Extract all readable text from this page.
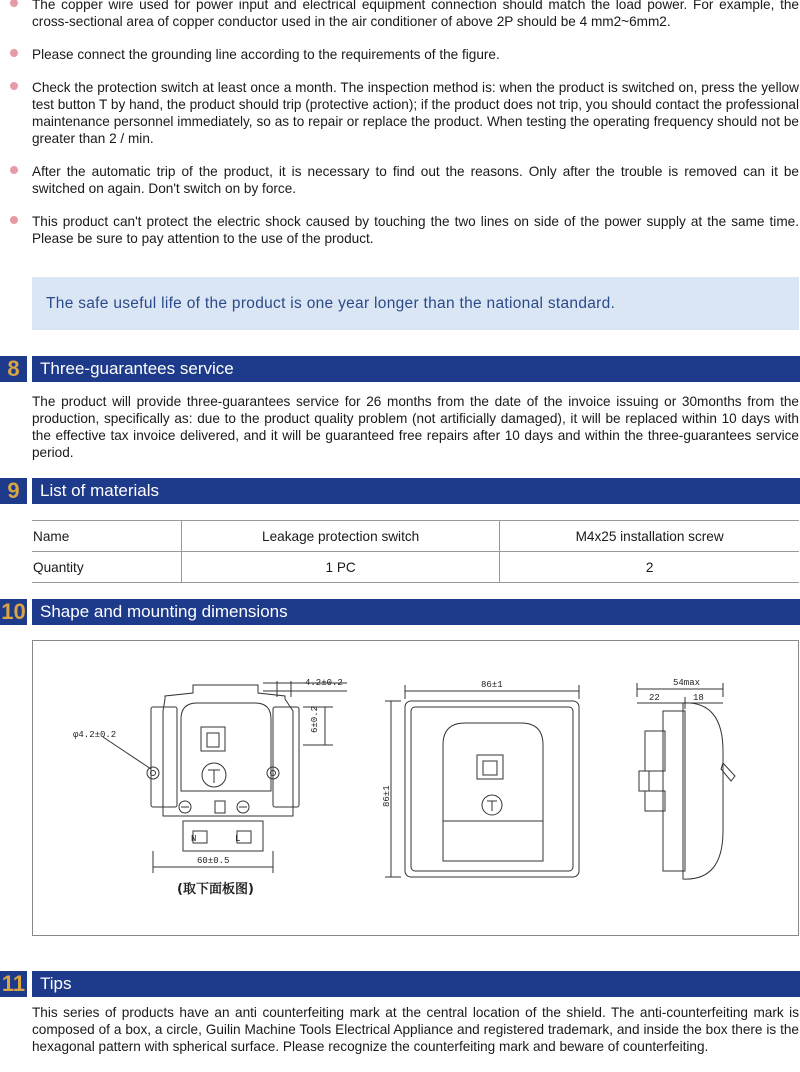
The copper wire used for power input and electrical equipment connection should match the load power. For example, the cross-sectional area of copper conductor used in the air conditioner of above 2P should be 4 mm2~6mm2.
Please connect the grounding line according to the requirements of the figure.
Check the protection switch at least once a month. The inspection method is: when the product is switched on, press the yellow test button T by hand, the product should trip (protective action); if the product does not trip, you should contact the professional maintenance personnel immediately, so as to repair or replace the product. When testing the operating frequency should not be greater than 2 / min.
After the automatic trip of the product, it is necessary to find out the reasons. Only after the trouble is removed can it be switched on again. Don't switch on by force.
This product can't protect the electric shock caused by touching the two lines on side of the power supply at the same time. Please be sure to pay attention to the use of the product.
The safe useful life of the product is one year longer than the national standard.
8	Three-guarantees service
The product will provide three-guarantees service for 26 months from the date of the invoice issuing or 30months from the production, specifically as: due to the product quality problem (not artificially damaged), it will be replaced within 10 days with the effective tax invoice delivered, and it will be guaranteed free repairs after 10 days and within the three-guarantees service period.
9	List of materials
Name	Leakage protection switch	M4x25 installation screw
Quantity	1 PC	2
10 Shape and mounting dimensions
φ4.2±0.2
4.2±0.2
6±0.2
60±0.5
(取下面板图)
86±1
86±1
54max
22	18
N	L
11 Tips
This series of products have an anti counterfeiting mark at the central location of the shield. The anti-counterfeiting mark is composed of a box, a circle, Guilin Machine Tools Electrical Appliance and registered trademark, and inside the box there is the hexagonal pattern with spherical surface. Please recognize the counterfeiting mark and beware of counterfeiting.
